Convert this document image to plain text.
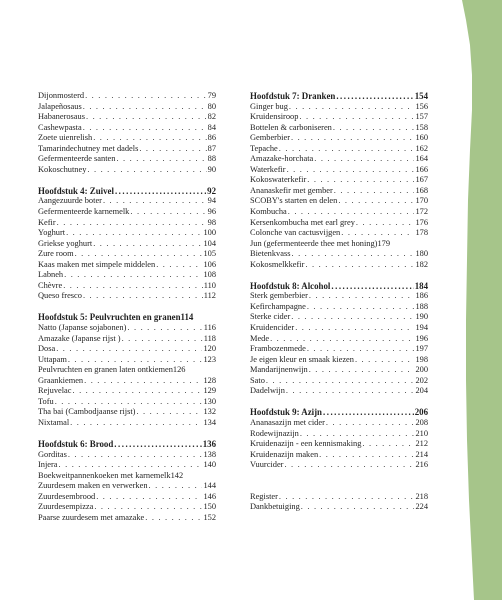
Dijonmosterd . . .	79
Jalapeñosaus . . .	80
Habanerosaus . . .	82
Cashewpasta . . .	84
Zoete uienrelish . . .	86
Tamarindechutney met dadels . . .	87
Gefermenteerde santen . . .	88
Kokoschutney . . .	90
Hoofdstuk 4: Zuivel .....	92
Aangezuurde boter . . .	94
Gefermenteerde karnemelk . . .	96
Kefir . . .	98
Yoghurt . . .	100
Griekse yoghurt . . .	104
Zure room . . .	105
Kaas maken met simpele middelen . . .	106
Labneh . . .	108
Chèvre . . .	110
Queso fresco . . .	112
Hoofdstuk 5: Peulvruchten en granen 114
Natto (Japanse sojabonen) . . .	116
Amazake (Japanse rijst ) . . .	118
Dosa . . .	120
Uttapam . . .	123
Peulvruchten en granen laten ontkiemen 126
Graankiemen . . .	128
Rejuvelac . . .	129
Tofu . . .	130
Tha bai (Cambodjaanse rijst) . . .	132
Nixtamal . . .	134
Hoofdstuk 6: Brood .....	136
Gorditas . . .	138
Injera . . .	140
Boekweitpannenkoeken met karnemelk 142
Zuurdesem maken en verwerken . . .	144
Zuurdesembrood . . .	146
Zuurdesempizza . . .	150
Paarse zuurdesem met amazake . . .	152
Hoofdstuk 7: Dranken .....	154
Ginger bug . . .	156
Kruidensiroop . . .	157
Bottelen & carboniseren . . .	158
Gemberbier . . .	160
Tepache . . .	162
Amazake-horchata . . .	164
Waterkefir . . .	166
Kokoswaterkefir . . .	167
Ananaskefir met gember . . .	168
SCOBY's starten en delen . . .	170
Kombucha . . .	172
Kersenkombucha met earl grey . . .	176
Colonche van cactusvijgen . . .	178
Jun (gefermenteerde thee met honing) 179
Bietenkvass . . .	180
Kokosmelkkefir . . .	182
Hoofdstuk 8: Alcohol .....	184
Sterk gemberbier . . .	186
Kefirchampagne . . .	188
Sterke cider . . .	190
Kruidencider . . .	194
Mede . . .	196
Frambozenmede . . .	197
Je eigen kleur en smaak kiezen . . .	198
Mandarijnenwijn . . .	200
Sato . . .	202
Dadelwijn . . .	204
Hoofdstuk 9: Azijn .....	206
Ananasazijn met cider . . .	208
Rodewijnazijn . . .	210
Kruidenazijn - een kennismaking . . .	212
Kruidenazijn maken . . .	214
Vuurcider . . .	216
Register . . .	218
Dankbetuiging . . .	224
